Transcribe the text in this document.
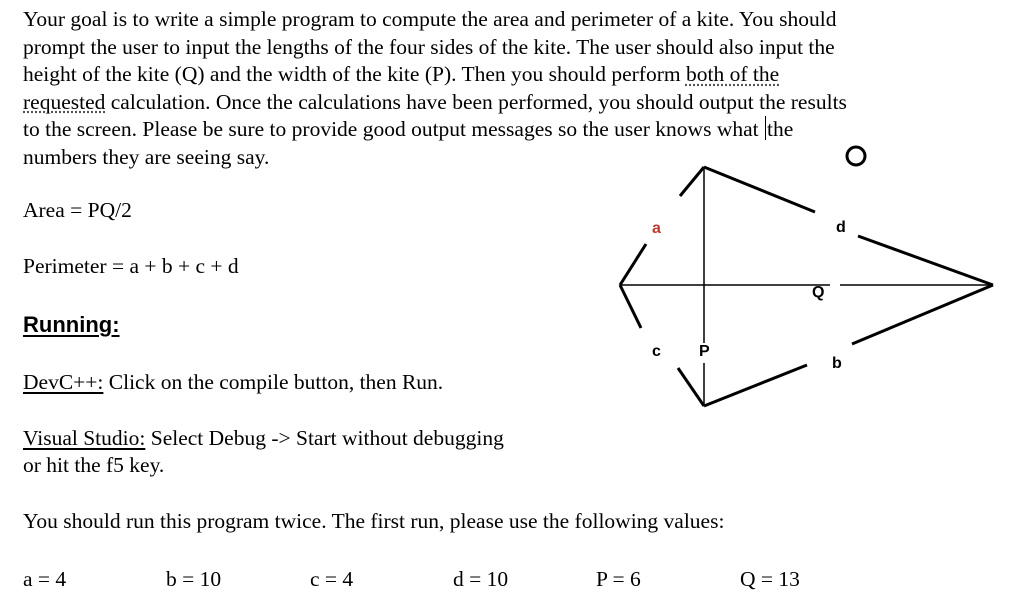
Your goal is to write a simple program to compute the area and perimeter of a kite. You should
prompt the user to input the lengths of the four sides of the kite. The user should also input the
height of the kite (Q) and the width of the kite (P). Then you should perform both of the
requested calculation. Once the calculations have been performed, you should output the results
to the screen. Please be sure to provide good output messages so the user knows what the
numbers they are seeing say.
Area = PQ/2
Perimeter = a + b + c + d
Running:
DevC++: Click on the compile button, then Run.
Visual Studio: Select Debug -> Start without debugging
or hit the f5 key.
You should run this program twice. The first run, please use the following values:
a = 4	b = 10	c = 4	d = 10	P = 6	Q = 13
a	d
Q
c P
b
